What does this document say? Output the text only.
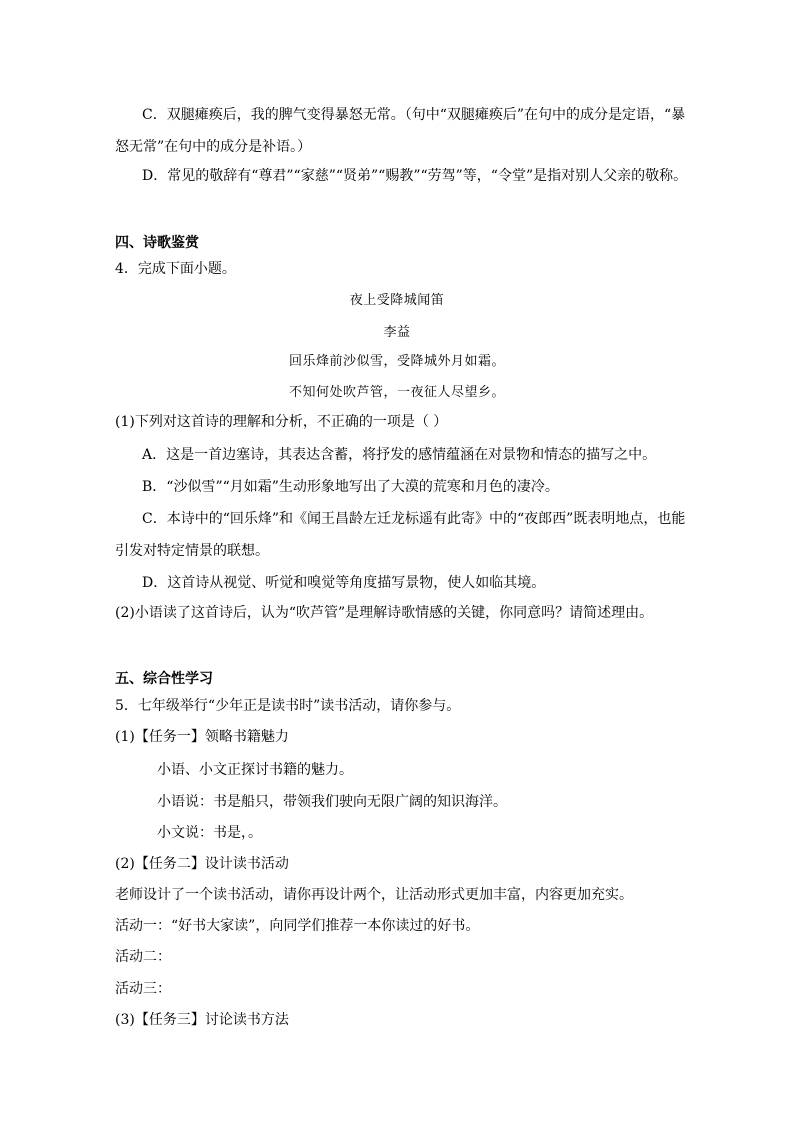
C．双腿瘫痪后，我的脾气变得暴怒无常。（句中“双腿瘫痪后”在句中的成分是定语，“暴
怒无常”在句中的成分是补语。）
D．常见的敬辞有“尊君”“家慈”“贤弟”“赐教”“劳驾”等，“令堂”是指对别人父亲的敬称。
四、诗歌鉴赏
4．完成下面小题。
夜上受降城闻笛
李益
回乐烽前沙似雪，受降城外月如霜。
不知何处吹芦管，一夜征人尽望乡。
(1)下列对这首诗的理解和分析，不正确的一项是（ ）
A．这是一首边塞诗，其表达含蓄，将抒发的感情蕴涵在对景物和情态的描写之中。
B．“沙似雪”“月如霜”生动形象地写出了大漠的荒寒和月色的凄冷。
C．本诗中的“回乐烽”和《闻王昌龄左迁龙标遥有此寄》中的“夜郎西”既表明地点，也能
引发对特定情景的联想。
D．这首诗从视觉、听觉和嗅觉等角度描写景物，使人如临其境。
(2)小语读了这首诗后，认为“吹芦管”是理解诗歌情感的关键，你同意吗？请简述理由。
五、综合性学习
5．七年级举行“少年正是读书时”读书活动，请你参与。
(1)【任务一】领略书籍魅力
小语、小文正探讨书籍的魅力。
小语说：书是船只，带领我们驶向无限广阔的知识海洋。
小文说：书是，。
(2)【任务二】设计读书活动
老师设计了一个读书活动，请你再设计两个，让活动形式更加丰富，内容更加充实。
活动一：“好书大家读”，向同学们推荐一本你读过的好书。
活动二：
活动三：
(3)【任务三】讨论读书方法
